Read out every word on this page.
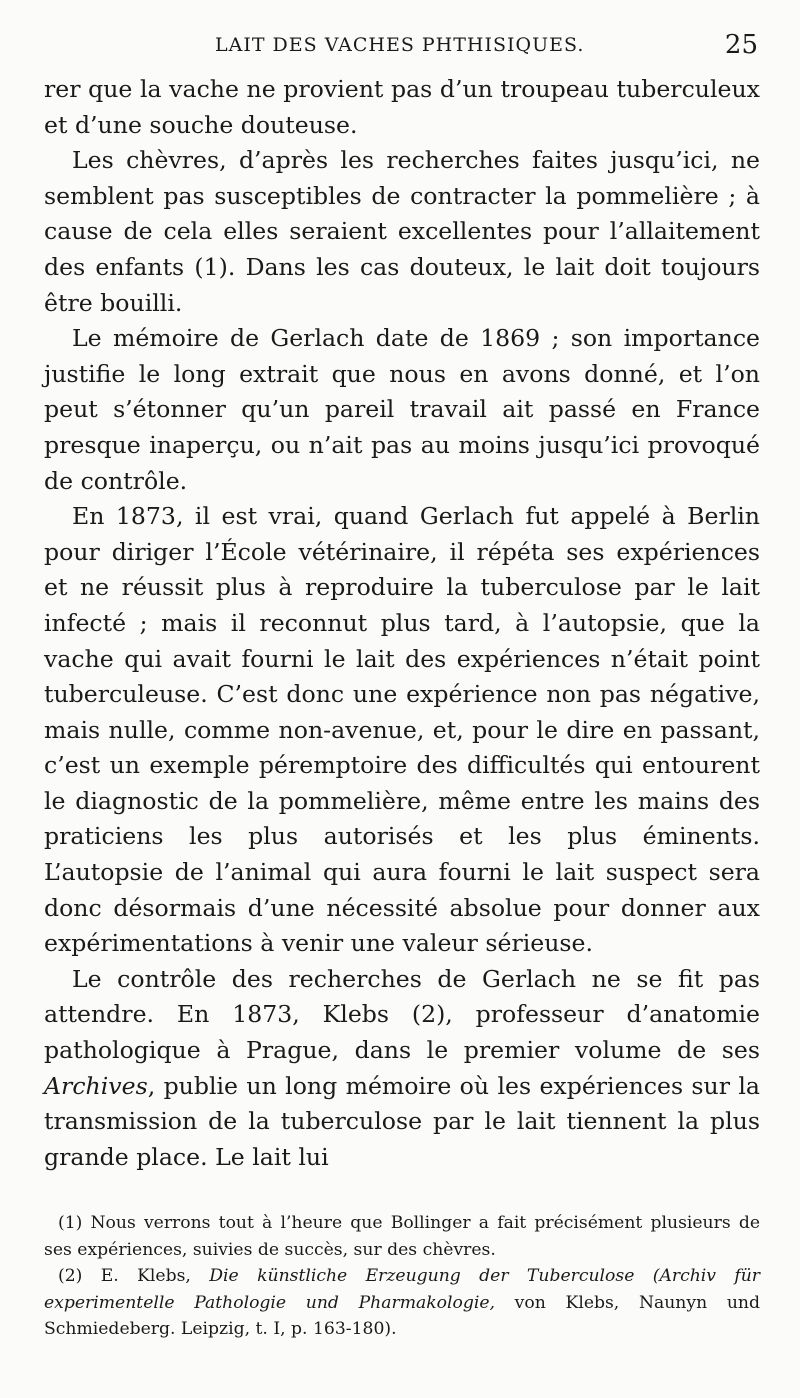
LAIT DES VACHES PHTHISIQUES.	25

rer que la vache ne provient pas d’un troupeau tuberculeux et d’une souche douteuse.

Les chèvres, d’après les recherches faites jusqu’ici, ne semblent pas susceptibles de contracter la pommelière ; à cause de cela elles seraient excellentes pour l’allaitement des enfants (1). Dans les cas douteux, le lait doit toujours être bouilli.

Le mémoire de Gerlach date de 1869 ; son importance justifie le long extrait que nous en avons donné, et l’on peut s’étonner qu’un pareil travail ait passé en France presque inaperçu, ou n’ait pas au moins jusqu’ici provoqué de contrôle.

En 1873, il est vrai, quand Gerlach fut appelé à Berlin pour diriger l’École vétérinaire, il répéta ses expériences et ne réussit plus à reproduire la tuberculose par le lait infecté ; mais il reconnut plus tard, à l’autopsie, que la vache qui avait fourni le lait des expériences n’était point tuberculeuse. C’est donc une expérience non pas négative, mais nulle, comme non-avenue, et, pour le dire en passant, c’est un exemple péremptoire des difficultés qui entourent le diagnostic de la pommelière, même entre les mains des praticiens les plus autorisés et les plus éminents. L’autopsie de l’animal qui aura fourni le lait suspect sera donc désormais d’une nécessité absolue pour donner aux expérimentations à venir une valeur sérieuse.

Le contrôle des recherches de Gerlach ne se fit pas attendre. En 1873, Klebs (2), professeur d’anatomie pathologique à Prague, dans le premier volume de ses Archives, publie un long mémoire où les expériences sur la transmission de la tuberculose par le lait tiennent la plus grande place. Le lait lui

(1) Nous verrons tout à l’heure que Bollinger a fait précisément plusieurs de ses expériences, suivies de succès, sur des chèvres.

(2) E. Klebs, Die künstliche Erzeugung der Tuberculose (Archiv für experimentelle Pathologie und Pharmakologie, von Klebs, Naunyn und Schmiedeberg. Leipzig, t. I, p. 163-180).
